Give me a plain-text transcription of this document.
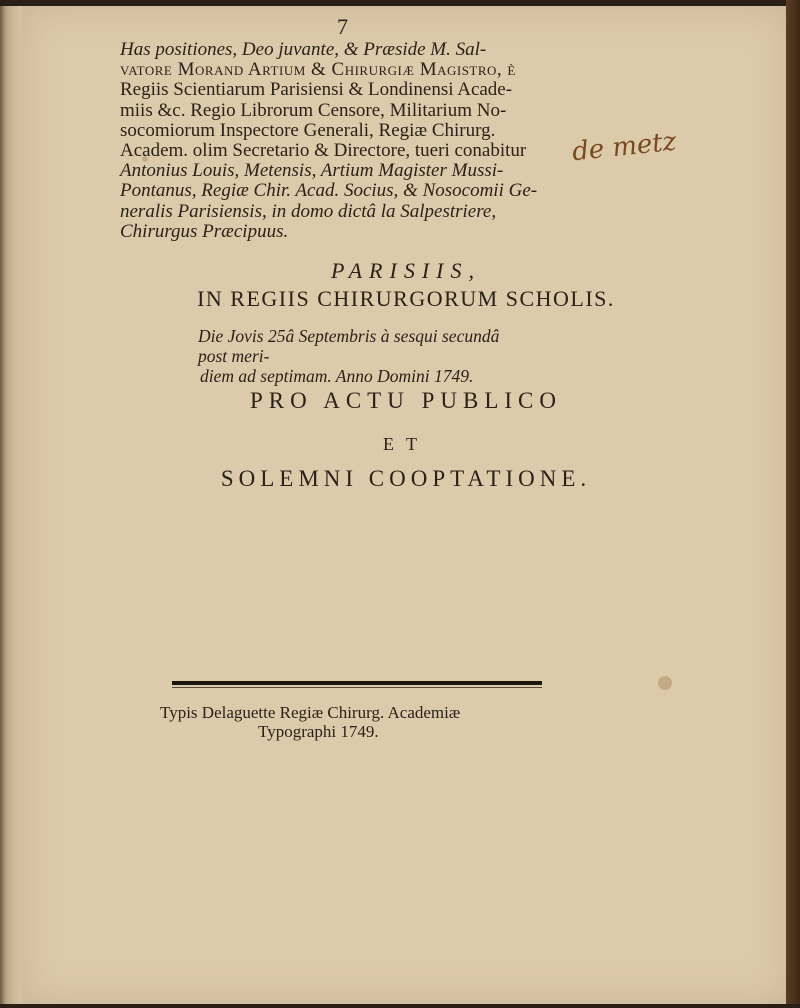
7

Has positiones, Deo juvante, & Præside M. Sal-

vatore Morand Artium & Chirurgiæ Magistro, è

Regiis Scientiarum Parisiensi & Londinensi Acade-

miis &c. Regio Librorum Censore, Militarium No-

socomiorum Inspectore Generali, Regiæ Chirurg.

Academ. olim Secretario & Directore, tueri conabitur

Antonius Louis, Metensis, Artium Magister Mussi-

Pontanus, Regiæ Chir. Acad. Socius, & Nosocomii Ge-

neralis Parisiensis, in domo dictâ la Salpestriere,

Chirurgus Præcipuus.

de metz
PARISIIS,
IN REGIIS CHIRURGORUM SCHOLIS.
Die Jovis 25â Septembris à sesqui secundâ post meri-
diem ad septimam. Anno Domini 1749.
PRO ACTU PUBLICO
ET
SOLEMNI COOPTATIONE.
Typis Delaguette Regiæ Chirurg. Academiæ
Typographi 1749.
